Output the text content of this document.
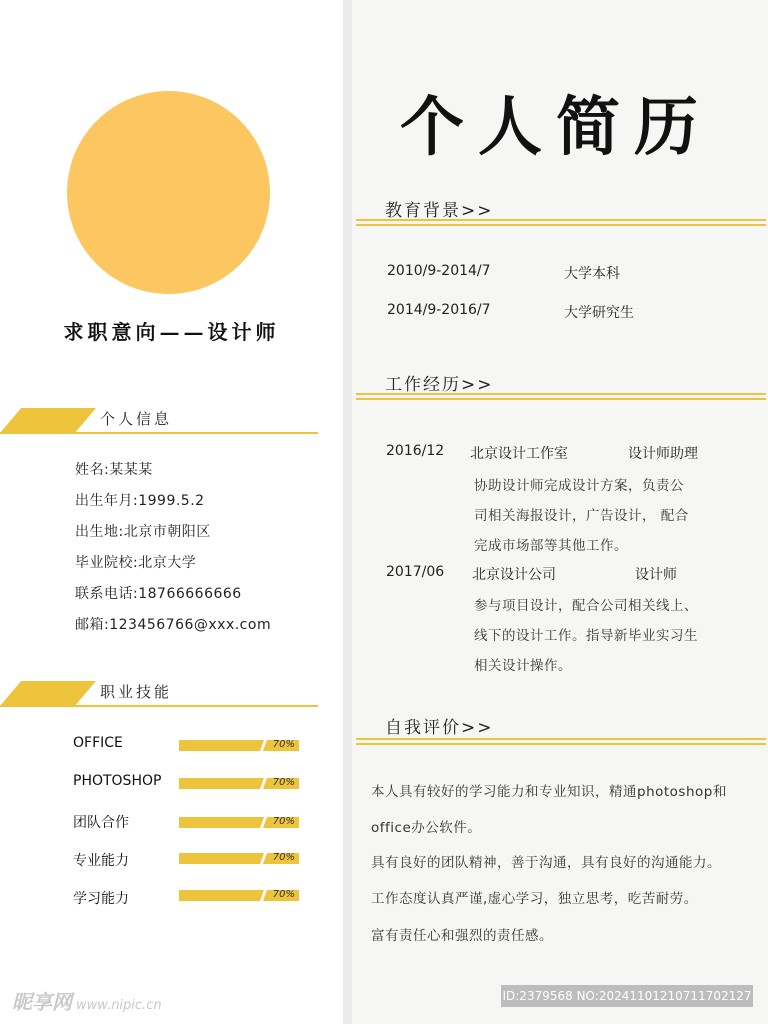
求职意向——设计师
个人信息
姓名:某某某
出生年月:1999.5.2
出生地:北京市朝阳区
毕业院校:北京大学
联系电话:18766666666
邮箱:123456766@xxx.com
职业技能
OFFICE	70%
PHOTOSHOP	70%
团队合作	70%
专业能力	70%
学习能力	70%
个人简历
教育背景>>
2010/9-2014/7	大学本科
2014/9-2016/7	大学研究生
工作经历>>
2016/12 北京设计工作室	设计师助理
协助设计师完成设计方案，负责公
司相关海报设计，广告设计， 配合
完成市场部等其他工作。
2017/06 北京设计公司	设计师
参与项目设计，配合公司相关线上、
线下的设计工作。指导新毕业实习生
相关设计操作。
自我评价>>
本人具有较好的学习能力和专业知识，精通photoshop和
office办公软件。
具有良好的团队精神，善于沟通，具有良好的沟通能力。
工作态度认真严谨,虚心学习，独立思考，吃苦耐劳。
富有责任心和强烈的责任感。
昵享网 www.nipic.cn
ID:2379568 NO:20241101210711702127
